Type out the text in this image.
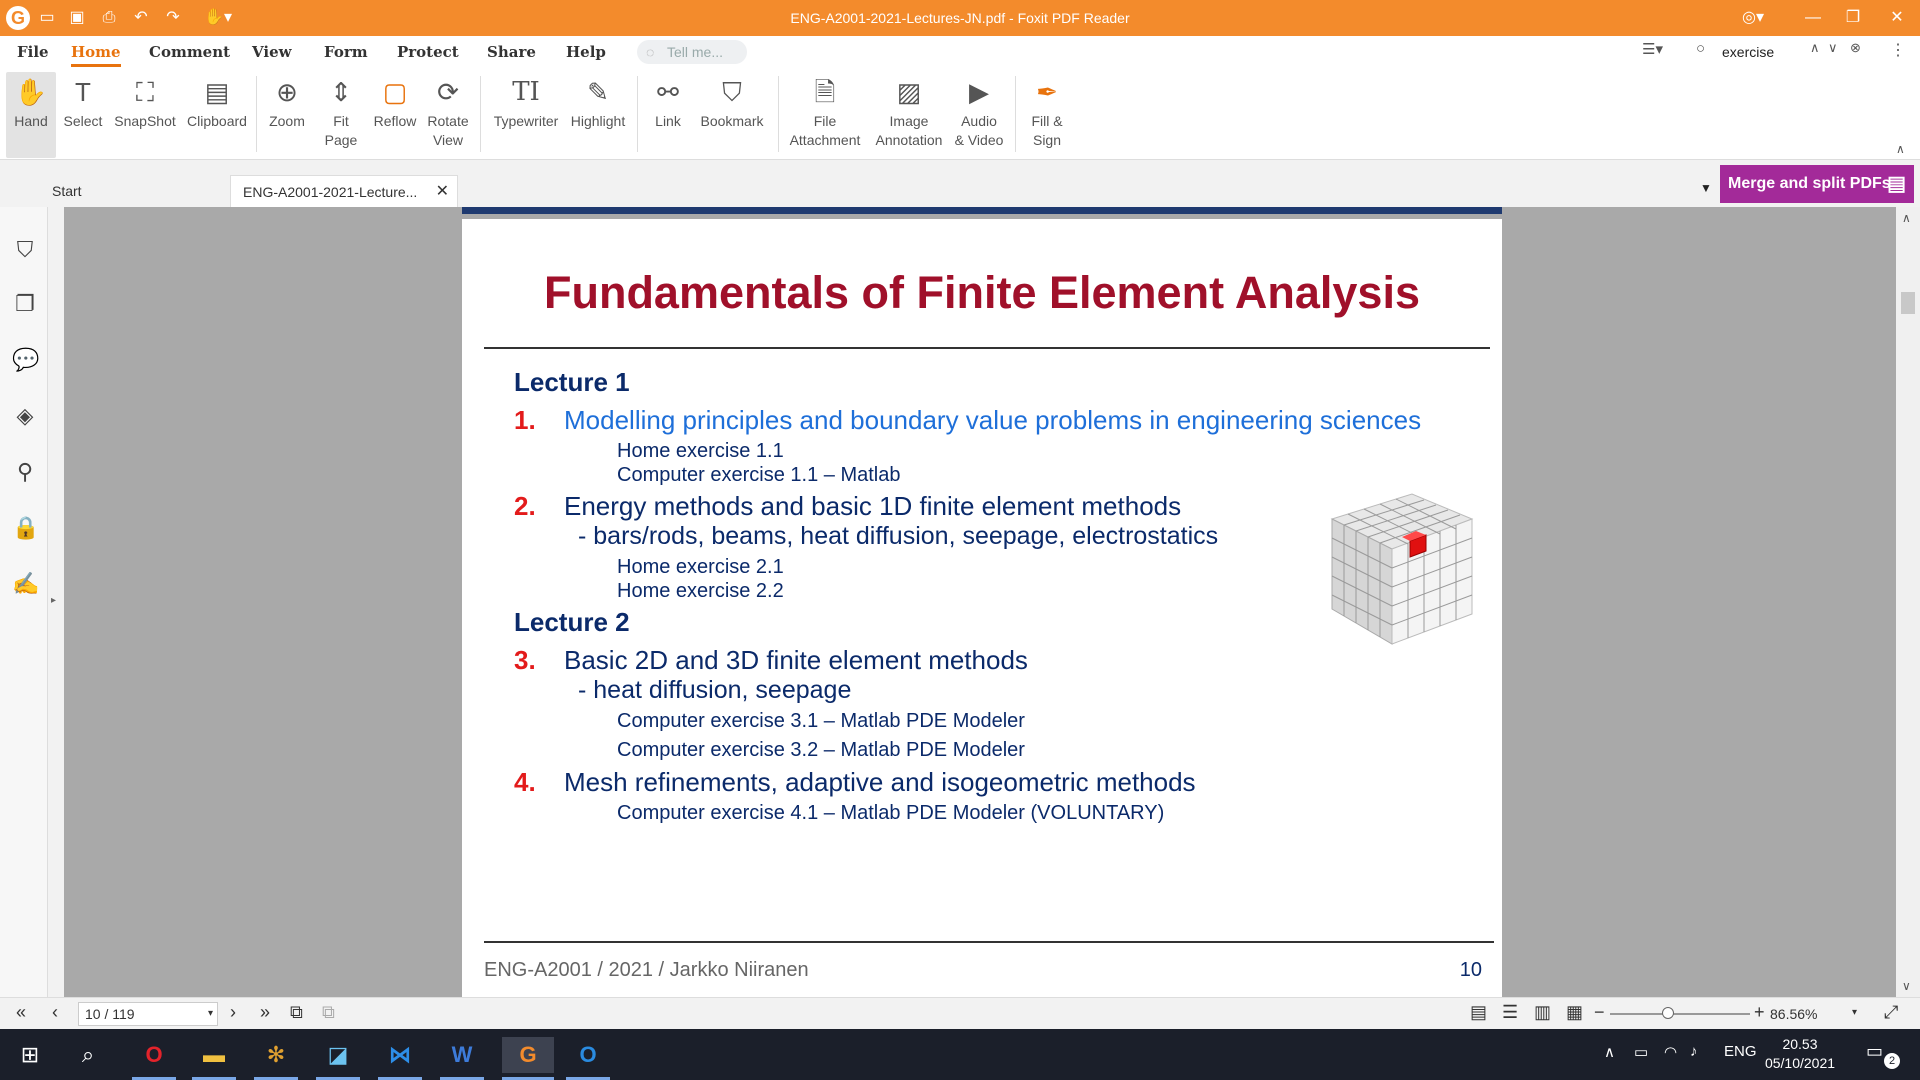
G ▭ ▣	⎙	↶	↷	✋▾	ENG-A2001-2021-Lectures-JN.pdf - Foxit PDF Reader	◎▾	—	❐	✕
File Home Comment View Form Protect Share Help	◌ Tell me...	☰▾ ○ exercise	∧ ∨ ⊗ ⋮
✋
Hand
T
Select
⛶
SnapShot
▤
Clipboard
⊕
Zoom
⇕
Fit
Page
▢
Reflow
⟳
Rotate
View
TI
Typewriter
✎
Highlight
⚯
Link
⛉
Bookmark
🗎
File
Attachment
▨
Image
Annotation
▶
Audio
& Video
✒
Fill &
Sign
∧
Start	ENG-A2001-2021-Lecture... ✕	▼	Merge and split PDFs
▤
⛉
❐
💬
◈
⚲
🔒
✍
▸
Fundamentals of Finite Element Analysis
Lecture 1
1. Modelling principles and boundary value problems in engineering sciences
Home exercise 1.1
Computer exercise 1.1 – Matlab
2. Energy methods and basic 1D finite element methods
- bars/rods, beams, heat diffusion, seepage, electrostatics
Home exercise 2.1
Home exercise 2.2
Lecture 2
3. Basic 2D and 3D finite element methods
- heat diffusion, seepage
Computer exercise 3.1 – Matlab PDE Modeler
Computer exercise 3.2 – Matlab PDE Modeler
4. Mesh refinements, adaptive and isogeometric methods
Computer exercise 4.1 – Matlab PDE Modeler (VOLUNTARY)
ENG-A2001 / 2021 / Jarkko Niiranen	10
∧
∨
« ‹	10 / 119	▾ › » ⧉ ⧉	▤ ☰ ▥ ▦ −	+ 86.56%	▾ ⤢
⊞	⌕	O	▬	✻	◪	⋈	W	G	O	∧ ▭ ◠ ♪ ENG	20.53
05/10/2021
▭ 2
